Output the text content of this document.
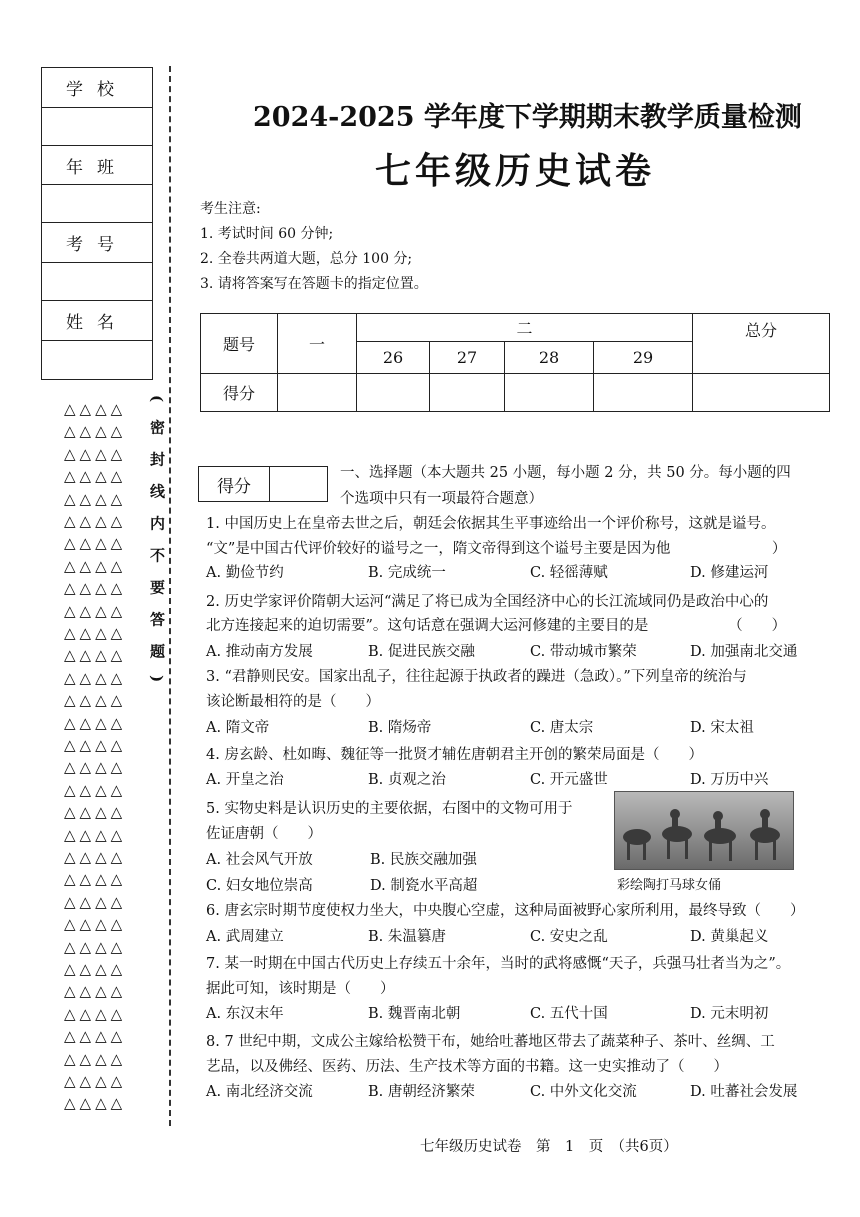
学校
年班
考号
姓名
(密封线内不要答题)
△△△△
△△△△
△△△△
△△△△
△△△△
△△△△
△△△△
△△△△
△△△△
△△△△
△△△△
△△△△
△△△△
△△△△
△△△△
△△△△
△△△△
△△△△
△△△△
△△△△
△△△△
△△△△
△△△△
△△△△
△△△△
△△△△
△△△△
△△△△
△△△△
△△△△
△△△△
△△△△
2024-2025 学年度下学期期末教学质量检测
七年级历史试卷
考生注意:
1. 考试时间 60 分钟;
2. 全卷共两道大题，总分 100 分;
3. 请将答案写在答题卡的指定位置。
题号	一	二				总分
		26	27	28	29	
得分						
得分
一、选择题（本大题共 25 小题，每小题 2 分，共 50 分。每小题的四
个选项中只有一项最符合题意）
1. 中国历史上在皇帝去世之后，朝廷会依据其生平事迹给出一个评价称号，这就是谥号。
“文”是中国古代评价较好的谥号之一，隋文帝得到这个谥号主要是因为他　　　　　　　）
A. 勤俭节约	B. 完成统一	C. 轻徭薄赋	D. 修建运河
2. 历史学家评价隋朝大运河“满足了将已成为全国经济中心的长江流域同仍是政治中心的
北方连接起来的迫切需要”。这句话意在强调大运河修建的主要目的是　　　　　　（　　）
A. 推动南方发展	B. 促进民族交融	C. 带动城市繁荣	D. 加强南北交通
3. “君静则民安。国家出乱子，往往起源于执政者的躁进（急政）。”下列皇帝的统治与
该论断最相符的是（　　）
A. 隋文帝	B. 隋炀帝	C. 唐太宗	D. 宋太祖
4. 房玄龄、杜如晦、魏征等一批贤才辅佐唐朝君主开创的繁荣局面是（　　）
A. 开皇之治	B. 贞观之治	C. 开元盛世	D. 万历中兴
5. 实物史料是认识历史的主要依据，右图中的文物可用于
佐证唐朝（　　）
A. 社会风气开放	B. 民族交融加强
C. 妇女地位崇高	D. 制瓷水平高超
6. 唐玄宗时期节度使权力坐大，中央腹心空虚，这种局面被野心家所利用，最终导致（　　）
A. 武周建立	B. 朱温篡唐	C. 安史之乱	D. 黄巢起义
7. 某一时期在中国古代历史上存续五十余年，当时的武将感慨“天子，兵强马壮者当为之”。
据此可知，该时期是（　　）
A. 东汉末年	B. 魏晋南北朝	C. 五代十国	D. 元末明初
8. 7 世纪中期，文成公主嫁给松赞干布，她给吐蕃地区带去了蔬菜种子、茶叶、丝绸、工
艺品，以及佛经、医药、历法、生产技术等方面的书籍。这一史实推动了（　　）
A. 南北经济交流	B. 唐朝经济繁荣	C. 中外文化交流	D. 吐蕃社会发展
彩绘陶打马球女俑
七年级历史试卷　第　1　页　（共6页）
